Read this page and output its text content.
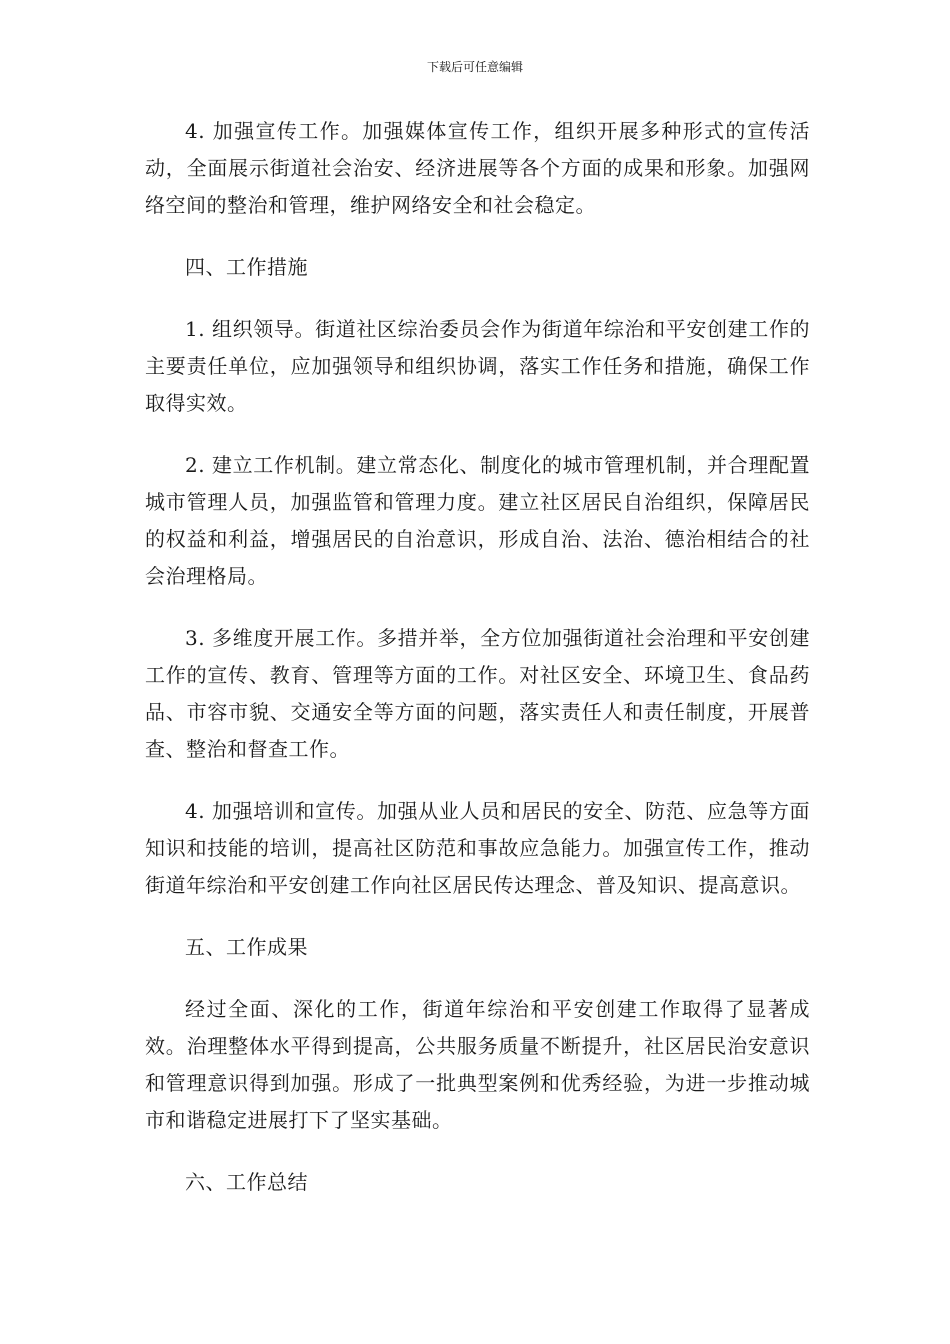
下载后可任意编辑

4. 加强宣传工作。加强媒体宣传工作，组织开展多种形式的宣传活动，全面展示街道社会治安、经济进展等各个方面的成果和形象。加强网络空间的整治和管理，维护网络安全和社会稳定。

四、工作措施

1. 组织领导。街道社区综治委员会作为街道年综治和平安创建工作的主要责任单位，应加强领导和组织协调，落实工作任务和措施，确保工作取得实效。

2. 建立工作机制。建立常态化、制度化的城市管理机制，并合理配置城市管理人员，加强监管和管理力度。建立社区居民自治组织，保障居民的权益和利益，增强居民的自治意识，形成自治、法治、德治相结合的社会治理格局。

3. 多维度开展工作。多措并举，全方位加强街道社会治理和平安创建工作的宣传、教育、管理等方面的工作。对社区安全、环境卫生、食品药品、市容市貌、交通安全等方面的问题，落实责任人和责任制度，开展普查、整治和督查工作。

4. 加强培训和宣传。加强从业人员和居民的安全、防范、应急等方面知识和技能的培训，提高社区防范和事故应急能力。加强宣传工作，推动街道年综治和平安创建工作向社区居民传达理念、普及知识、提高意识。

五、工作成果

经过全面、深化的工作，街道年综治和平安创建工作取得了显著成效。治理整体水平得到提高，公共服务质量不断提升，社区居民治安意识和管理意识得到加强。形成了一批典型案例和优秀经验，为进一步推动城市和谐稳定进展打下了坚实基础。

六、工作总结
